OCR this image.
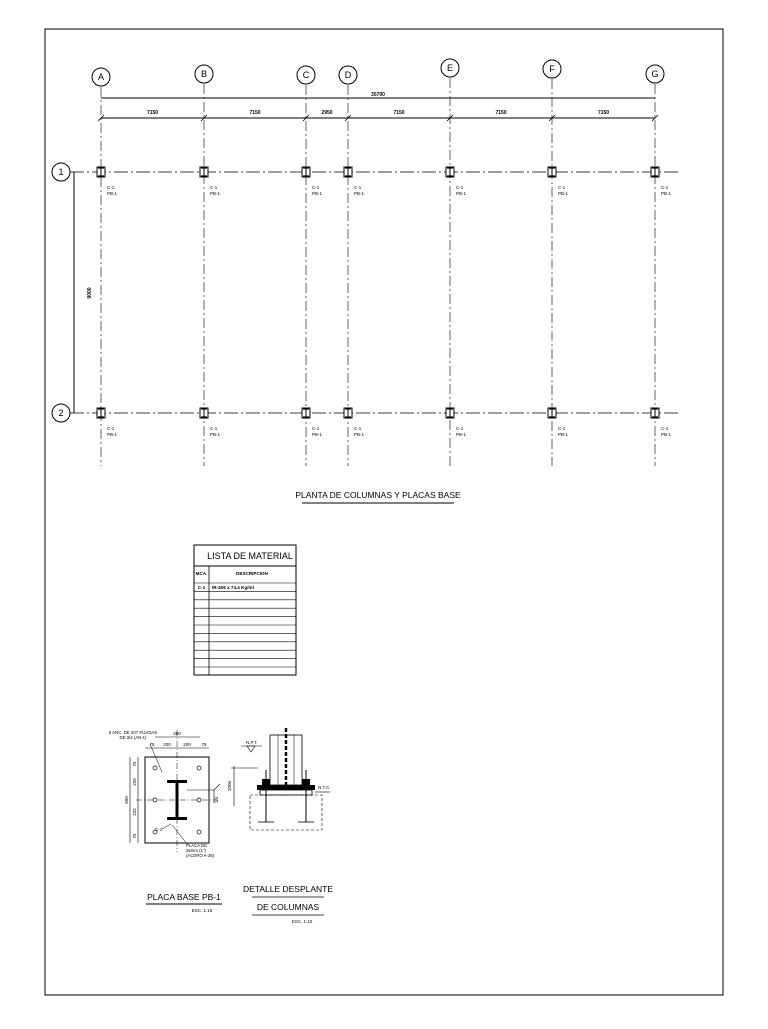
35700
7150	7150	2950	7150	7150	7150
9000
A	B	C	D
E	F	G
1
2
C-1
PB-1
C-1
PB-1
C-1
PB-1
C-1
PB-1
C-1
PB-1
C-1
PB-1
C-1
PB-1
C-1
PB-1
C-1
PB-1
C-1
PB-1
C-1
PB-1
C-1
PB-1
C-1
PB-1
C-1
PB-1
PLANTA DE COLUMNAS Y PLACAS BASE
LISTA DE MATERIAL
MCA.	DESCRIPCION
C-1 IR-406 x 74.4 Kg/ml
350
75 200	200 75
75
225
225
75
600
6 ANC. DE 3/4" FIJADAS DE 3/4 (AN-1)
PLACA DE 25mm (1") (ACERO A-36)
C-1
1/4
PLACA BASE PB-1
ESC. 1:15
1000
N.P.T.
N.T.C.
DETALLE DESPLANTE
DE COLUMNAS
ESC. 1:10
